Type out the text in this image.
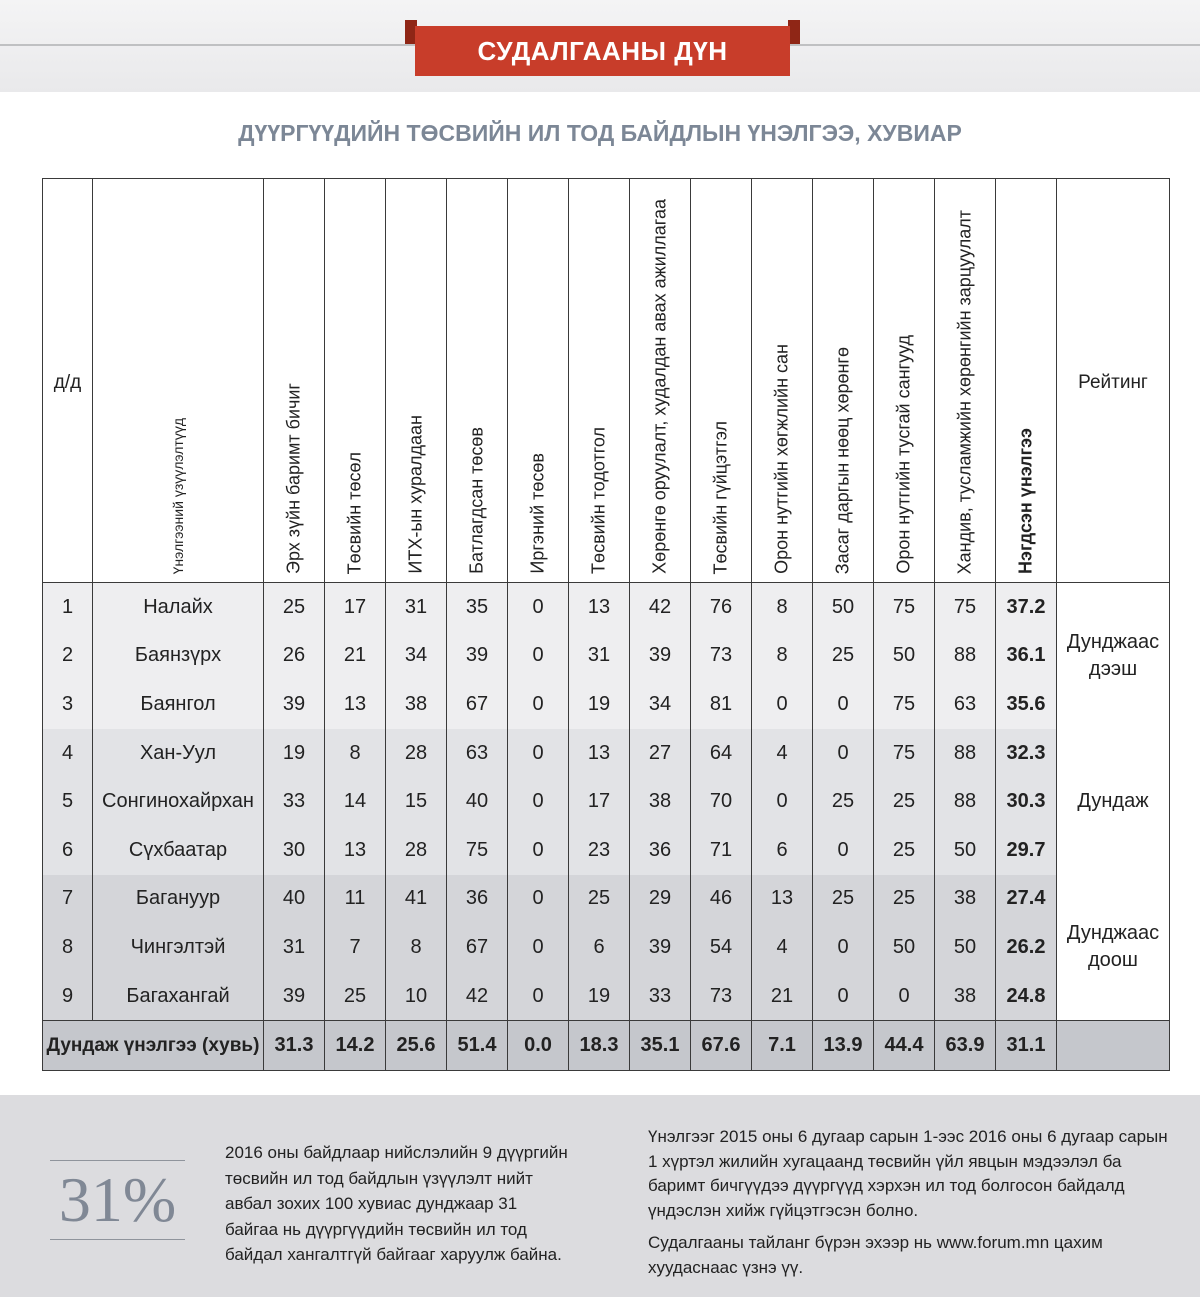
СУДАЛГААНЫ ДҮН
ДҮҮРГҮҮДИЙН ТӨСВИЙН ИЛ ТОД БАЙДЛЫН ҮНЭЛГЭЭ, ХУВИАР
д/д	Үнэлгээний үзүүлэлтүүд	Эрх зүйн баримт бичиг	Төсвийн төсөл	ИТХ-ын хуралдаан	Батлагдсан төсөв	Иргэний төсөв	Төсвийн тодотгол	Хөрөнгө оруулалт, худалдан авах ажиллагаа	Төсвийн гүйцэтгэл	Орон нутгийн хөгжлийн сан	Засаг даргын нөөц хөрөнгө	Орон нутгийн тусгай сангууд	Хандив, тусламжийн хөрөнгийн зарцуулалт	Нэгдсэн үнэлгээ	Рейтинг

1	Налайх	25	17	31	35	0	13	42	76	8	50	75	75	37.2	Дунджаас
дээш
2	Баянзүрх	26	21	34	39	0	31	39	73	8	25	50	88	36.1	
3	Баянгол	39	13	38	67	0	19	34	81	0	0	75	63	35.6	
4	Хан-Уул	19	8	28	63	0	13	27	64	4	0	75	88	32.3	Дундаж
5	Сонгинохайрхан	33	14	15	40	0	17	38	70	0	25	25	88	30.3	
6	Сүхбаатар	30	13	28	75	0	23	36	71	6	0	25	50	29.7	
7	Багануур	40	11	41	36	0	25	29	46	13	25	25	38	27.4	Дунджаас
доош
8	Чингэлтэй	31	7	8	67	0	6	39	54	4	0	50	50	26.2	
9	Багахангай	39	25	10	42	0	19	33	73	21	0	0	38	24.8	
Дундаж үнэлгээ (хувь)		31.3	14.2	25.6	51.4	0.0	18.3	35.1	67.6	7.1	13.9	44.4	63.9	31.1	
31%
2016 оны байдлаар нийслэлийн 9 дүүргийн төсвийн ил тод байдлын үзүүлэлт нийт авбал зохих 100 хувиас дунджаар 31 байгаа нь дүүргүүдийн төсвийн ил тод байдал хангалтгүй байгааг харуулж байна.

Үнэлгээг 2015 оны 6 дугаар сарын 1-ээс 2016 оны 6 дугаар сарын 1 хүртэл жилийн хугацаанд төсвийн үйл явцын мэдээлэл ба баримт бичгүүдээ дүүргүүд хэрхэн ил тод болгосон байдалд үндэслэн хийж гүйцэтгэсэн болно.

Судалгааны тайланг бүрэн эхээр нь www.forum.mn цахим хуудаснаас үзнэ үү.
